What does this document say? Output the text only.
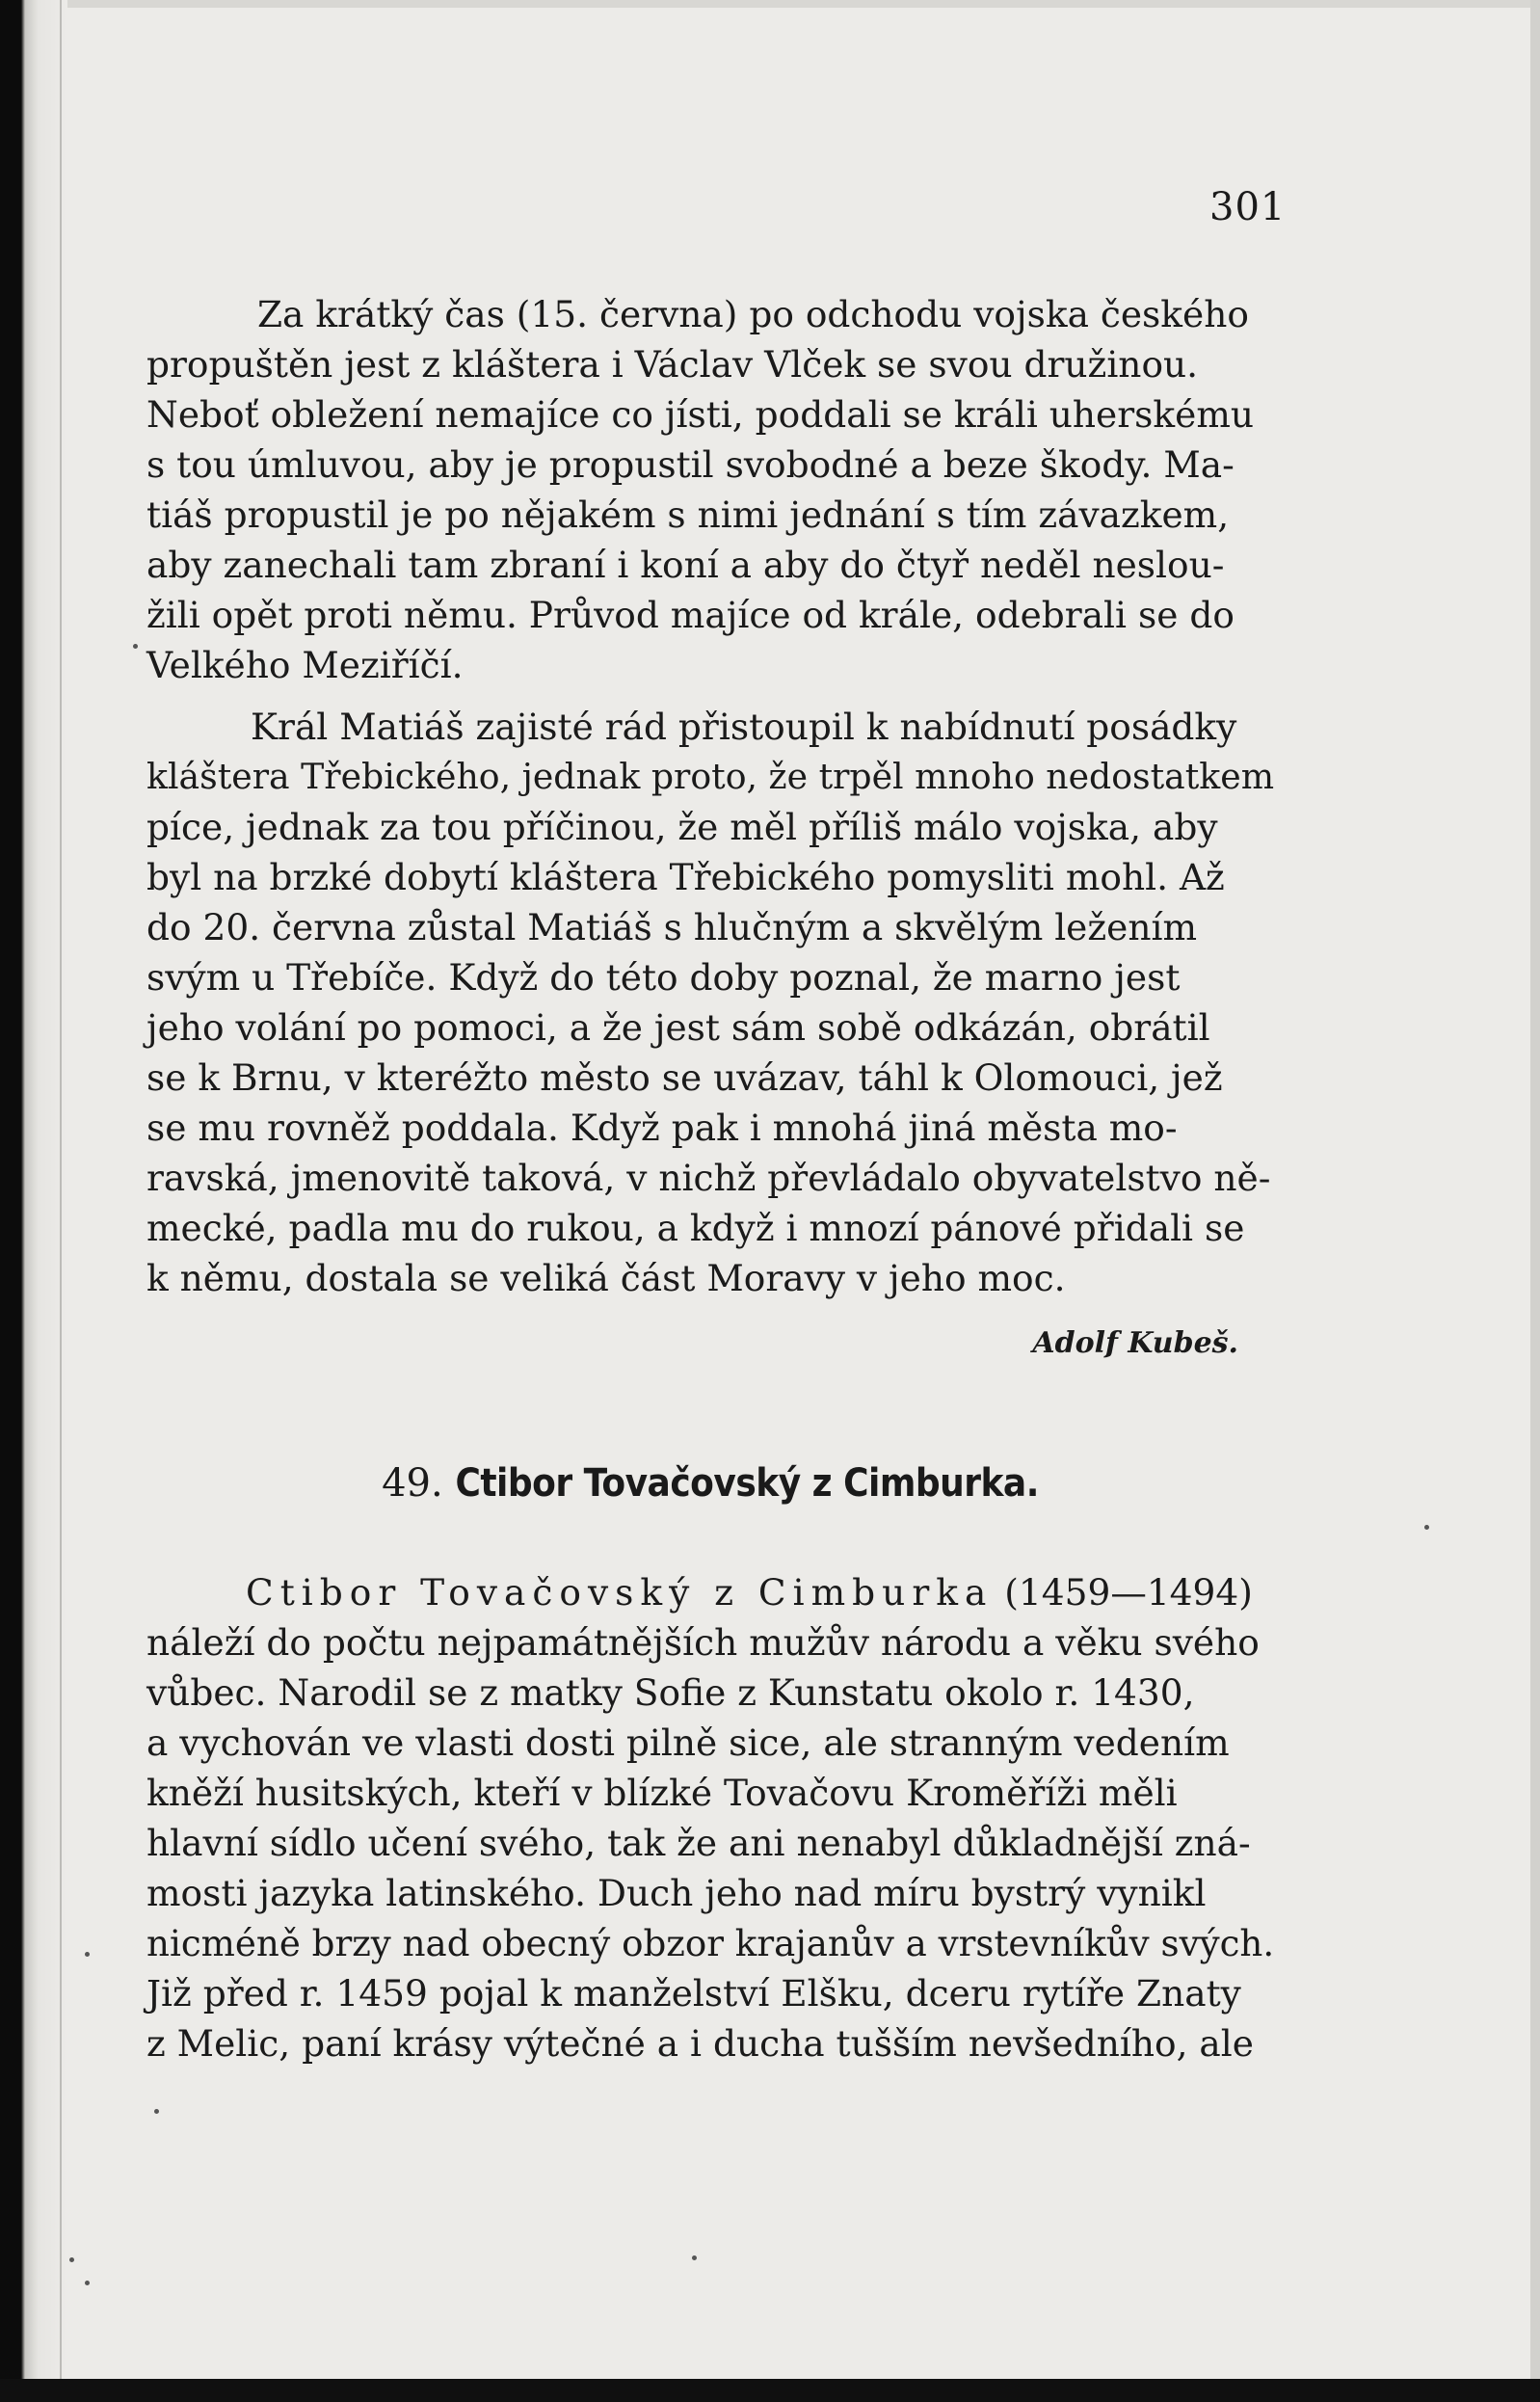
301
Za krátký čas (15. června) po odchodu vojska českého
propuštěn jest z kláštera i Václav Vlček se svou družinou.
Neboť obležení nemajíce co jísti, poddali se králi uherskému
s tou úmluvou, aby je propustil svobodné a beze škody. Ma-
tiáš propustil je po nějakém s nimi jednání s tím závazkem,
aby zanechali tam zbraní i koní a aby do čtyř neděl neslou-
žili opět proti němu. Průvod majíce od krále, odebrali se do
Velkého Meziříčí.
Král Matiáš zajisté rád přistoupil k nabídnutí posádky
kláštera Třebického, jednak proto, že trpěl mnoho nedostatkem
píce, jednak za tou příčinou, že měl příliš málo vojska, aby
byl na brzké dobytí kláštera Třebického pomysliti mohl. Až
do 20. června zůstal Matiáš s hlučným a skvělým ležením
svým u Třebíče. Když do této doby poznal, že marno jest
jeho volání po pomoci, a že jest sám sobě odkázán, obrátil
se k Brnu, v kteréžto město se uvázav, táhl k Olomouci, jež
se mu rovněž poddala. Když pak i mnohá jiná města mo-
ravská, jmenovitě taková, v nichž převládalo obyvatelstvo ně-
mecké, padla mu do rukou, a když i mnozí pánové přidali se
k němu, dostala se veliká část Moravy v jeho moc.
Adolf Kubeš.
49. Ctibor Tovačovský z Cimburka.
Ctibor Tovačovský z Cimburka (1459—1494)
náleží do počtu nejpamátnějších mužův národu a věku svého
vůbec. Narodil se z matky Sofie z Kunstatu okolo r. 1430,
a vychován ve vlasti dosti pilně sice, ale stranným vedením
kněží husitských, kteří v blízké Tovačovu Kroměříži měli
hlavní sídlo učení svého, tak že ani nenabyl důkladnější zná-
mosti jazyka latinského. Duch jeho nad míru bystrý vynikl
nicméně brzy nad obecný obzor krajanův a vrstevníkův svých.
Již před r. 1459 pojal k manželství Elšku, dceru rytíře Znaty
z Melic, paní krásy výtečné a i ducha tušším nevšedního, ale
